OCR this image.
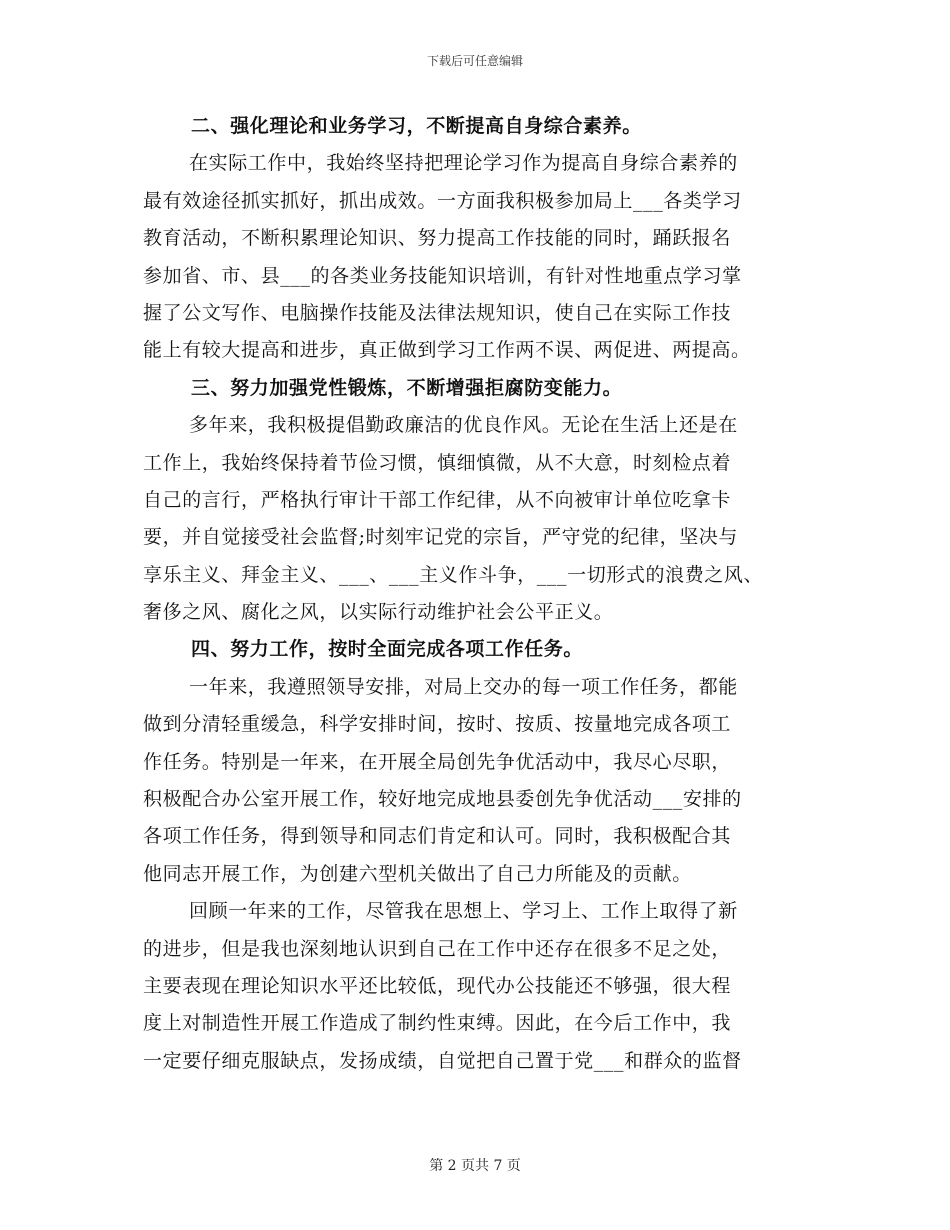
下载后可任意编辑
二、强化理论和业务学习，不断提高自身综合素养。
在实际工作中，我始终坚持把理论学习作为提高自身综合素养的
最有效途径抓实抓好，抓出成效。一方面我积极参加局上___各类学习
教育活动，不断积累理论知识、努力提高工作技能的同时，踊跃报名
参加省、市、县___的各类业务技能知识培训，有针对性地重点学习掌
握了公文写作、电脑操作技能及法律法规知识，使自己在实际工作技
能上有较大提高和进步，真正做到学习工作两不误、两促进、两提高。
三、努力加强党性锻炼，不断增强拒腐防变能力。
多年来，我积极提倡勤政廉洁的优良作风。无论在生活上还是在
工作上，我始终保持着节俭习惯，慎细慎微，从不大意，时刻检点着
自己的言行，严格执行审计干部工作纪律，从不向被审计单位吃拿卡
要，并自觉接受社会监督;时刻牢记党的宗旨，严守党的纪律，坚决与
享乐主义、拜金主义、___、___主义作斗争，___一切形式的浪费之风、
奢侈之风、腐化之风，以实际行动维护社会公平正义。
四、努力工作，按时全面完成各项工作任务。
一年来，我遵照领导安排，对局上交办的每一项工作任务，都能
做到分清轻重缓急，科学安排时间，按时、按质、按量地完成各项工
作任务。特别是一年来，在开展全局创先争优活动中，我尽心尽职，
积极配合办公室开展工作，较好地完成地县委创先争优活动___安排的
各项工作任务，得到领导和同志们肯定和认可。同时，我积极配合其
他同志开展工作，为创建六型机关做出了自己力所能及的贡献。
回顾一年来的工作，尽管我在思想上、学习上、工作上取得了新
的进步，但是我也深刻地认识到自己在工作中还存在很多不足之处，
主要表现在理论知识水平还比较低，现代办公技能还不够强，很大程
度上对制造性开展工作造成了制约性束缚。因此，在今后工作中，我
一定要仔细克服缺点，发扬成绩，自觉把自己置于党___和群众的监督
第 2 页共 7 页
